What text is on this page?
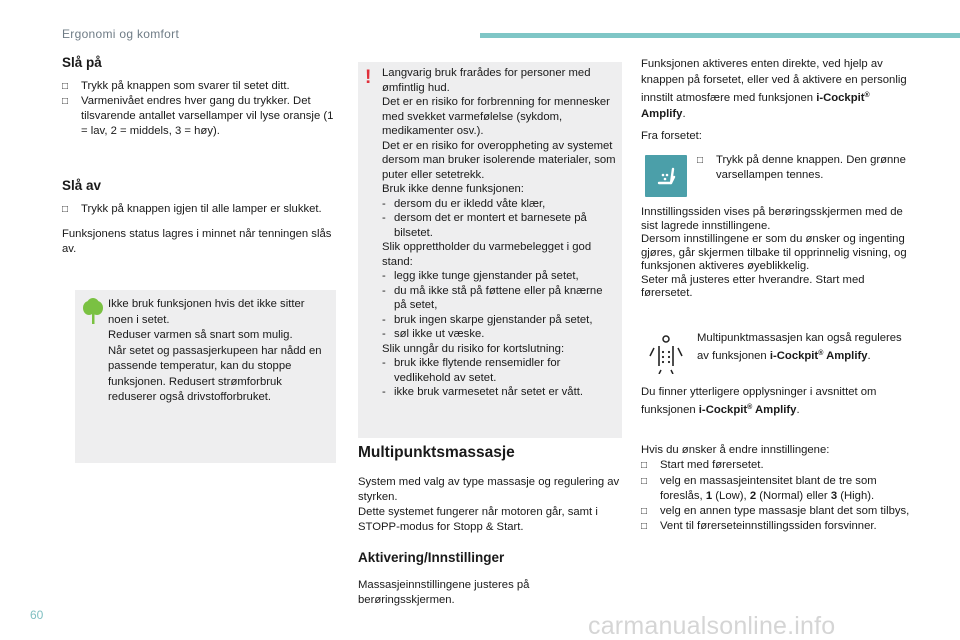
Ergonomi og komfort
Slå på
□ Trykk på knappen som svarer til setet ditt.
□ Varmenivået endres hver gang du trykker. Det tilsvarende antallet varsellamper vil lyse oransje (1 = lav, 2 = middels, 3 = høy).
Slå av
□ Trykk på knappen igjen til alle lamper er slukket.

Funksjonens status lagres i minnet når tenningen slås av.

Ikke bruk funksjonen hvis det ikke sitter noen i setet.

Reduser varmen så snart som mulig.

Når setet og passasjerkupeen har nådd en passende temperatur, kan du stoppe funksjonen. Redusert strømforbruk reduserer også drivstofforbruket.

! Langvarig bruk frarådes for personer med ømfintlig hud.

Det er en risiko for forbrenning for mennesker med svekket varmefølelse (sykdom, medikamenter osv.).

Det er en risiko for overoppheting av systemet dersom man bruker isolerende materialer, som puter eller setetrekk.

Bruk ikke denne funksjonen:

- dersom du er ikledd våte klær,
- dersom det er montert et barnesete på bilsetet.

Slik opprettholder du varmebelegget i god stand:

- legg ikke tunge gjenstander på setet,
- du må ikke stå på føttene eller på knærne på setet,
- bruk ingen skarpe gjenstander på setet,
- søl ikke ut væske.

Slik unngår du risiko for kortslutning:

- bruk ikke flytende rensemidler for vedlikehold av setet.
- ikke bruk varmesetet når setet er vått.
Multipunktsmassasje

System med valg av type massasje og regulering av styrken.

Dette systemet fungerer når motoren går, samt i STOPP-modus for Stopp & Start.

Aktivering/Innstillinger

Massasjeinnstillingene justeres på berøringsskjermen.

Funksjonen aktiveres enten direkte, ved hjelp av knappen på forsetet, eller ved å aktivere en personlig innstilt atmosfære med funksjonen i-Cockpit® Amplify.

Fra forsetet:

□ Trykk på denne knappen. Den grønne varsellampen tennes.

Innstillingssiden vises på berøringsskjermen med de sist lagrede innstillingene.

Dersom innstillingene er som du ønsker og ingenting gjøres, går skjermen tilbake til opprinnelig visning, og funksjonen aktiveres øyeblikkelig.

Seter må justeres etter hverandre. Start med førersetet.

Multipunktmassasjen kan også reguleres av funksjonen i-Cockpit® Amplify.
Du finner ytterligere opplysninger i avsnittet om funksjonen i-Cockpit® Amplify.

Hvis du ønsker å endre innstillingene:

□ Start med førersetet.
□ velg en massasjeintensitet blant de tre som foreslås, 1 (Low), 2 (Normal) eller 3 (High).
□ velg en annen type massasje blant det som tilbys,
□ Vent til førerseteinnstillingssiden forsvinner.
60	carmanualsonline.info
